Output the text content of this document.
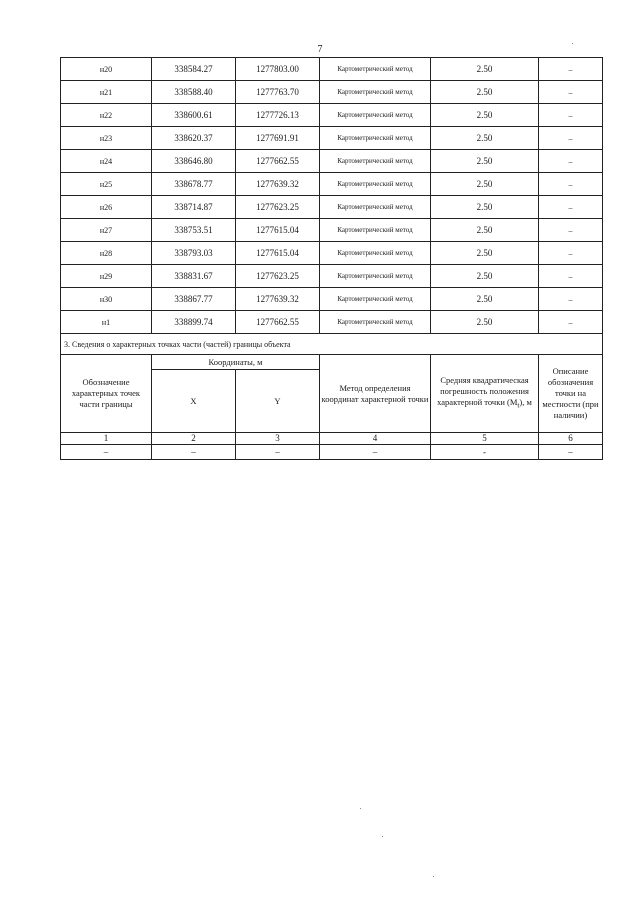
7
н20	338584.27	1277803.00	Картометрический метод	2.50	–
н21	338588.40	1277763.70	Картометрический метод	2.50	–
н22	338600.61	1277726.13	Картометрический метод	2.50	–
н23	338620.37	1277691.91	Картометрический метод	2.50	–
н24	338646.80	1277662.55	Картометрический метод	2.50	–
н25	338678.77	1277639.32	Картометрический метод	2.50	–
н26	338714.87	1277623.25	Картометрический метод	2.50	–
н27	338753.51	1277615.04	Картометрический метод	2.50	–
н28	338793.03	1277615.04	Картометрический метод	2.50	–
н29	338831.67	1277623.25	Картометрический метод	2.50	–
н30	338867.77	1277639.32	Картометрический метод	2.50	–
н1	338899.74	1277662.55	Картометрический метод	2.50	–
3. Сведения о характерных точках части (частей) границы объекта					
Обозначение характерных точек части границы	Координаты, м		Метод определения координат характерной точки	Средняя квадратическая погрешность положения характерной точки $(М_t)$, м	Описание обозначения точки на местности (при наличии)
	X	Y			
1	2	3	4	5	6
–	–	–	–	-	–
